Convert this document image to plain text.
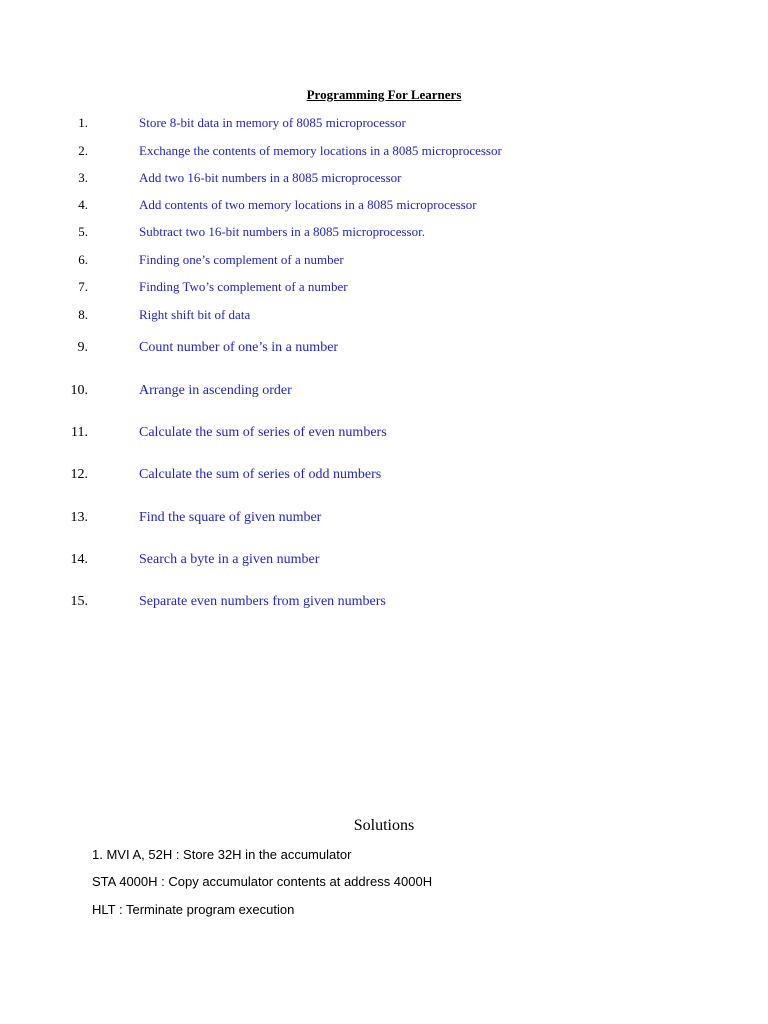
Programming For Learners
1.	Store 8-bit data in memory of 8085 microprocessor
2.	Exchange the contents of memory locations in a 8085 microprocessor
3.	Add two 16-bit numbers in a 8085 microprocessor
4.	Add contents of two memory locations in a 8085 microprocessor
5.	Subtract two 16-bit numbers in a 8085 microprocessor.
6.	Finding one’s complement of a number
7.	Finding Two’s complement of a number
8.	Right shift bit of data
9.	Count number of one’s in a number
10.	Arrange in ascending order
11.	Calculate the sum of series of even numbers
12.	Calculate the sum of series of odd numbers
13.	Find the square of given number
14.	Search a byte in a given number
15.	Separate even numbers from given numbers
Solutions
1. MVI A, 52H : Store 32H in the accumulator
STA 4000H : Copy accumulator contents at address 4000H
HLT : Terminate program execution
